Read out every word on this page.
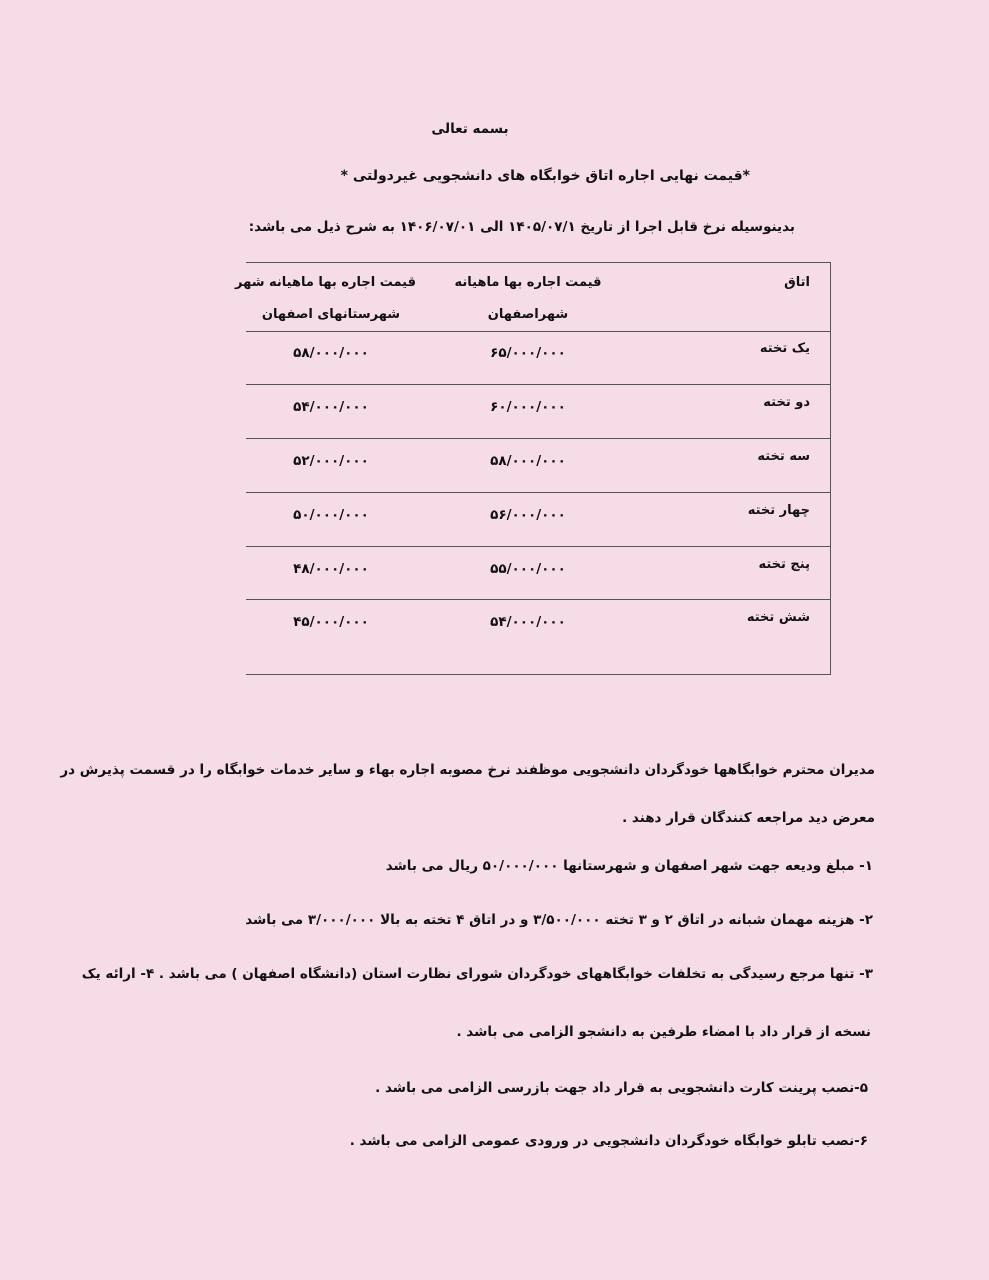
بسمه تعالی
*قیمت نهایی اجاره اتاق خوابگاه های دانشجویی غیردولتی *
بدینوسیله نرخ قابل اجرا از تاریخ ۱۴۰۵/۰۷/۱ الی ۱۴۰۶/۰۷/۰۱ به شرح ذیل می باشد:
اتاق
قیمت اجاره بها ماهیانه
شهراصفهان
قیمت اجاره بها ماهیانه شهر
شهرستانهای اصفهان
یک تخته
۶۵/۰۰۰/۰۰۰
۵۸/۰۰۰/۰۰۰
دو تخته
۶۰/۰۰۰/۰۰۰
۵۴/۰۰۰/۰۰۰
سه تخته
۵۸/۰۰۰/۰۰۰
۵۲/۰۰۰/۰۰۰
چهار تخته
۵۶/۰۰۰/۰۰۰
۵۰/۰۰۰/۰۰۰
پنج تخته
۵۵/۰۰۰/۰۰۰
۴۸/۰۰۰/۰۰۰
شش تخته
۵۴/۰۰۰/۰۰۰
۴۵/۰۰۰/۰۰۰
مدیران محترم خوابگاهها خودگردان دانشجویی موظفند نرخ مصوبه اجاره بهاء و سایر خدمات خوابگاه را در قسمت پذیرش در
معرض دید مراجعه کنندگان قرار دهند .
۱- مبلغ ودیعه جهت شهر اصفهان و شهرستانها ۵۰/۰۰۰/۰۰۰ ریال می باشد
۲- هزینه مهمان شبانه در اتاق ۲ و ۳ تخته ۳/۵۰۰/۰۰۰ و در اتاق ۴ تخته به بالا ۳/۰۰۰/۰۰۰ می باشد
۳- تنها مرجع رسیدگی به تخلفات خوابگاههای خودگردان شورای نظارت استان (دانشگاه اصفهان ) می باشد . ۴- ارائه یک
نسخه از قرار داد با امضاء طرفین به دانشجو الزامی می باشد .
۵-نصب پرینت کارت دانشجویی به قرار داد جهت بازرسی الزامی می باشد .
۶-نصب تابلو خوابگاه خودگردان دانشجویی در ورودی عمومی الزامی می باشد .
